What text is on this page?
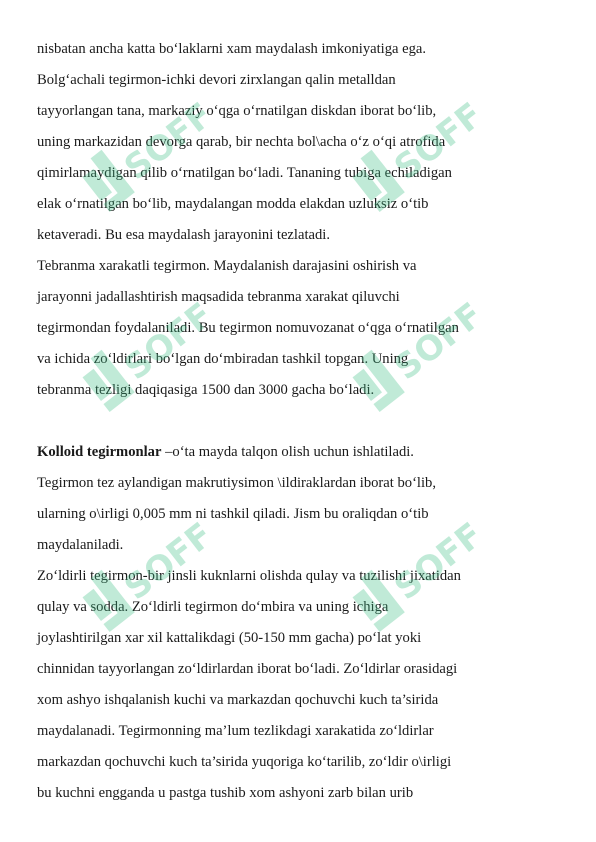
nisbatan ancha katta bo‘laklarni xam maydalash imkoniyatiga ega.
Bolg‘achali tegirmon-ichki devori zirxlangan qalin metalldan
tayyorlangan tana, markaziy o‘qga o‘rnatilgan diskdan iborat bo‘lib,
uning markazidan devorga qarab, bir nechta bol\acha o‘z o‘qi atrofida
qimirlamaydigan qilib o‘rnatilgan bo‘ladi. Tananing tubiga echiladigan
elak o‘rnatilgan bo‘lib, maydalangan modda elakdan uzluksiz o‘tib
ketaveradi. Bu esa maydalash jarayonini tezlatadi.
Tebranma xarakatli tegirmon. Maydalanish darajasini oshirish va
jarayonni jadallashtirish maqsadida tebranma xarakat qiluvchi
tegirmondan foydalaniladi. Bu tegirmon nomuvozanat o‘qga o‘rnatilgan
va ichida zo‘ldirlari bo‘lgan do‘mbiradan tashkil topgan. Uning
tebranma tezligi daqiqasiga 1500 dan 3000 gacha bo‘ladi.
Kolloid tegirmonlar –o‘ta mayda talqon olish uchun ishlatiladi.
Tegirmon tez aylandigan makrutiysimon \ildiraklardan iborat bo‘lib,
ularning o\irligi 0,005 mm ni tashkil qiladi. Jism bu oraliqdan o‘tib
maydalaniladi.
Zo‘ldirli tegirmon-bir jinsli kuknlarni olishda qulay va tuzilishi jixatidan
qulay va sodda. Zo‘ldirli tegirmon do‘mbira va uning ichiga
joylashtirilgan xar xil kattalikdagi (50-150 mm gacha) po‘lat yoki
chinnidan tayyorlangan zo‘ldirlardan iborat bo‘ladi. Zo‘ldirlar orasidagi
xom ashyo ishqalanish kuchi va markazdan qochuvchi kuch ta’sirida
maydalanadi. Tegirmonning ma’lum tezlikdagi xarakatida zo‘ldirlar
markazdan qochuvchi kuch ta’sirida yuqoriga ko‘tarilib, zo‘ldir o\irligi
bu kuchni engganda u pastga tushib xom ashyoni zarb bilan urib
SOFF	SOFF
SOFF	SOFF
SOFF	SOFF
